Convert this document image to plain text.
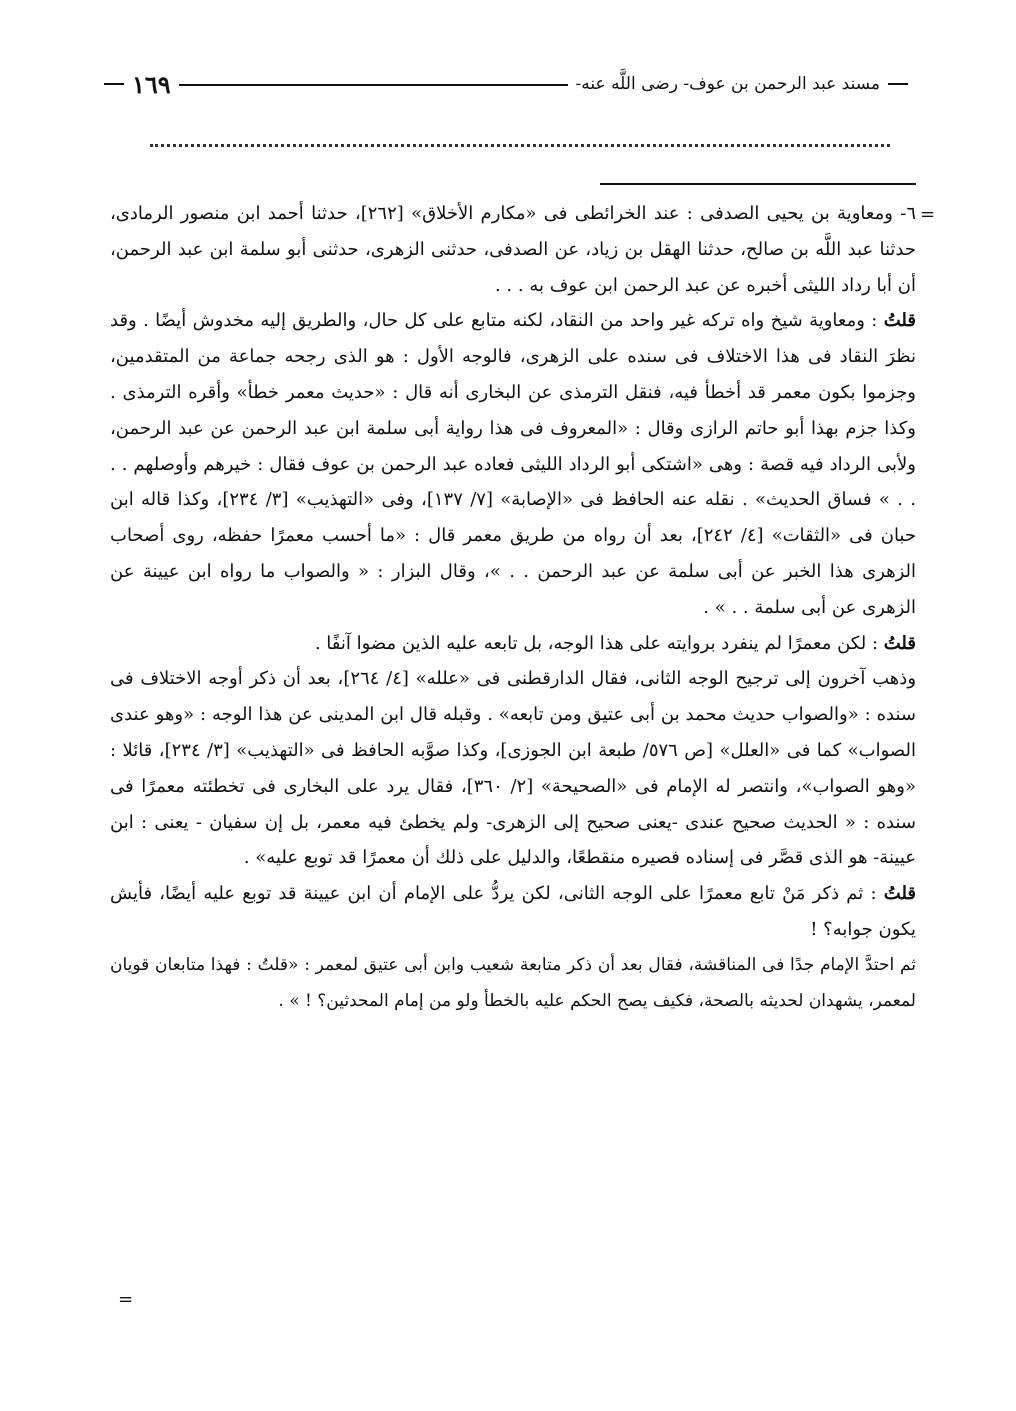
مسند عبد الرحمن بن عوف- رضى اللَّه عنه-
١٦٩
=

٦- ومعاوية بن يحيى الصدفى : عند الخرائطى فى «مكارم الأخلاق» [٢٦٢]، حدثنا أحمد ابن منصور الرمادى، حدثنا عبد اللَّه بن صالح، حدثنا الهقل بن زياد، عن الصدفى، حدثنى الزهرى، حدثنى أبو سلمة ابن عبد الرحمن، أن أبا رداد الليثى أخبره عن عبد الرحمن ابن عوف به . . .

قلتُ : ومعاوية شيخ واه تركه غير واحد من النقاد، لكنه متابع على كل حال، والطريق إليه مخدوش أيضًا . وقد نظرَ النقاد فى هذا الاختلاف فى سنده على الزهرى، فالوجه الأول : هو الذى رجحه جماعة من المتقدمين، وجزموا بكون معمر قد أخطأ فيه، فنقل الترمذى عن البخارى أنه قال : «حديث معمر خطأ» وأقره الترمذى . وكذا جزم بهذا أبو حاتم الرازى وقال : «المعروف فى هذا رواية أبى سلمة ابن عبد الرحمن عن عبد الرحمن، ولأبى الرداد فيه قصة : وهى «اشتكى أبو الرداد الليثى فعاده عبد الرحمن بن عوف فقال : خيرهم وأوصلهم . . . . » فساق الحديث» . نقله عنه الحافظ فى «الإصابة» [٧/ ١٣٧]، وفى «التهذيب» [٣/ ٢٣٤]، وكذا قاله ابن حبان فى «الثقات» [٤/ ٢٤٢]، بعد أن رواه من طريق معمر قال : «ما أحسب معمرًا حفظه، روى أصحاب الزهرى هذا الخبر عن أبى سلمة عن عبد الرحمن . . »، وقال البزار : « والصواب ما رواه ابن عيينة عن الزهرى عن أبى سلمة . . » .

قلتُ : لكن معمرًا لم ينفرد بروايته على هذا الوجه، بل تابعه عليه الذين مضوا آنفًا .

وذهب آخرون إلى ترجيح الوجه الثانى، فقال الدارقطنى فى «علله» [٤/ ٢٦٤]، بعد أن ذكر أوجه الاختلاف فى سنده : «والصواب حديث محمد بن أبى عتيق ومن تابعه» . وقبله قال ابن المدينى عن هذا الوجه : «وهو عندى الصواب» كما فى «العلل» [ص ٥٧٦/ طبعة ابن الجوزى]، وكذا صوَّبه الحافظ فى «التهذيب» [٣/ ٢٣٤]، قائلا : «وهو الصواب»، وانتصر له الإمام فى «الصحيحة» [٢/ ٣٦٠]، فقال يرد على البخارى فى تخطئته معمرًا فى سنده : « الحديث صحيح عندى -يعنى صحيح إلى الزهرى- ولم يخطئ فيه معمر، بل إن سفيان - يعنى : ابن عيينة- هو الذى قصَّر فى إسناده فصيره منقطعًا، والدليل على ذلك أن معمرًا قد توبع عليه» .

قلتُ : ثم ذكر مَنْ تابع معمرًا على الوجه الثانى، لكن يردُّ على الإمام أن ابن عيينة قد توبع عليه أيضًا، فأيش يكون جوابه؟ !

ثم احتدَّ الإمام جدًا فى المناقشة، فقال بعد أن ذكر متابعة شعيب وابن أبى عتيق لمعمر : «قلتُ : فهذا متابعان قويان لمعمر، يشهدان لحديثه بالصحة، فكيف يصح الحكم عليه بالخطأ ولو من إمام المحدثين؟ ! » .

=
